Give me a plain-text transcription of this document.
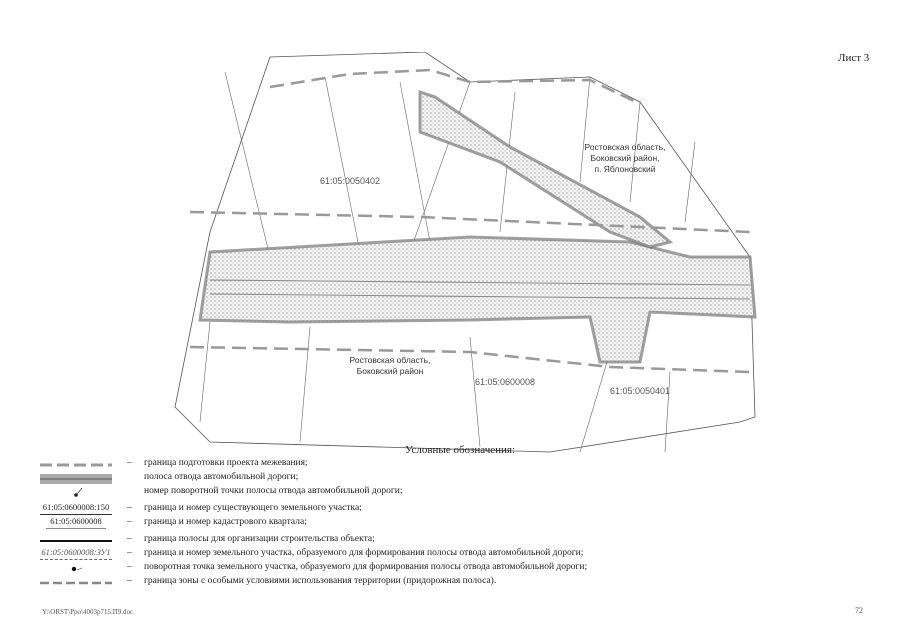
Лист 3
Ростовская область,
Боковский район,
п. Яблоновский
Ростовская область,
Боковский район
61:05:0050402
61:05:0600008
61:05:0050401
Условные обозначения:
– граница подготовки проекта межевания;
полоса отвода автомобильной дороги;
номер поворотной точки полосы отвода автомобильной дороги;
61:05:0600008:150	– граница и номер существующего земельного участка;
61:05:0600008	– граница и номер кадастрового квартала;
– граница полосы для организации строительства объекта;
61:05:0600008:ЗУ1	– граница и номер земельного участка, образуемого для формирования полосы отвода автомобильной дороги;
– поворотная точка земельного участка, образуемого для формирования полосы отвода автомобильной дороги;
– граница зоны с особыми условиями использования территории (придорожная полоса).
Y:\ORST\Ppo\4003p715.П9.doc	72
